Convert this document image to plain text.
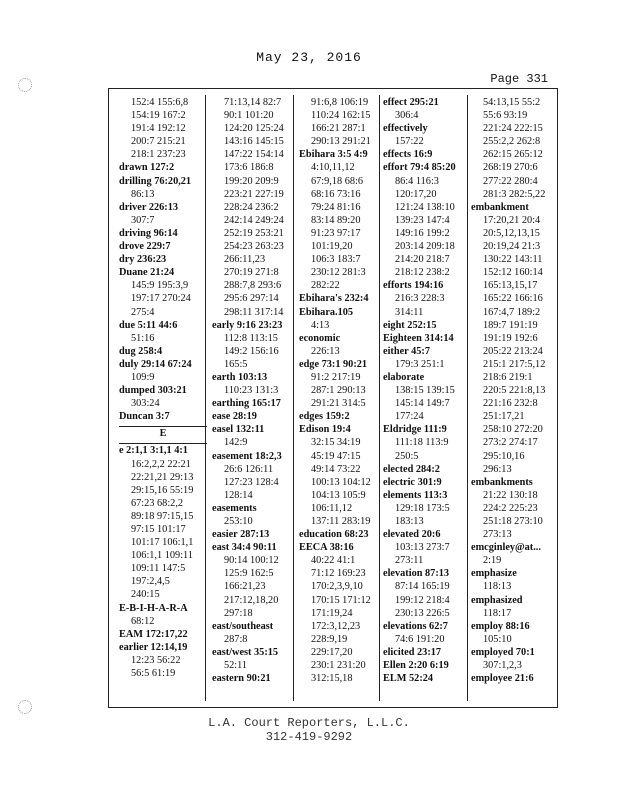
May 23, 2016
Page 331
152:4 155:6,8
154:19 167:2
191:4 192:12
200:7 215:21
218:1 237:23
drawn 127:2
drilling 76:20,21
86:13
driver 226:13
307:7
driving 96:14
drove 229:7
dry 236:23
Duane 21:24
145:9 195:3,9
197:17 270:24
275:4
due 5:11 44:6
51:16
dug 258:4
duly 29:14 67:24
109:9
dumped 303:21
303:24
Duncan 3:7
E
e 2:1,1 3:1,1 4:1
16:2,2,2 22:21
22:21,21 29:13
29:15,16 55:19
67:23 68:2,2
89:18 97:15,15
97:15 101:17
101:17 106:1,1
106:1,1 109:11
109:11 147:5
197:2,4,5
240:15
E-B-I-H-A-R-A
68:12
EAM 172:17,22
earlier 12:14,19
12:23 56:22
56:5 61:19
71:13,14 82:7
90:1 101:20
124:20 125:24
143:16 145:15
147:22 154:14
173:6 186:8
199:20 209:9
223:21 227:19
228:24 236:2
242:14 249:24
252:19 253:21
254:23 263:23
266:11,23
270:19 271:8
288:7,8 293:6
295:6 297:14
298:11 317:14
early 9:16 23:23
112:8 113:15
149:2 156:16
165:5
earth 103:13
110:23 131:3
earthing 165:17
ease 28:19
easel 132:11
142:9
easement 18:2,3
26:6 126:11
127:23 128:4
128:14
easements
253:10
easier 287:13
east 34:4 90:11
90:14 100:12
125:9 162:5
166:21,23
217:12,18,20
297:18
east/southeast
287:8
east/west 35:15
52:11
eastern 90:21
91:6,8 106:19
110:24 162:15
166:21 287:1
290:13 291:21
Ebihara 3:5 4:9
4:10,11,12
67:9,18 68:6
68:16 73:16
79:24 81:16
83:14 89:20
91:23 97:17
101:19,20
106:3 183:7
230:12 281:3
282:22
Ebihara's 232:4
Ebihara.105
4:13
economic
226:13
edge 73:1 90:21
91:2 217:19
287:1 290:13
291:21 314:5
edges 159:2
Edison 19:4
32:15 34:19
45:19 47:15
49:14 73:22
100:13 104:12
104:13 105:9
106:11,12
137:11 283:19
education 68:23
EECA 38:16
40:22 41:1
71:12 169:23
170:2,3,9,10
170:15 171:12
171:19,24
172:3,12,23
228:9,19
229:17,20
230:1 231:20
312:15,18
effect 295:21
306:4
effectively
157:22
effects 16:9
effort 79:4 85:20
86:4 116:3
120:17,20
121:24 138:10
139:23 147:4
149:16 199:2
203:14 209:18
214:20 218:7
218:12 238:2
efforts 194:16
216:3 228:3
314:11
eight 252:15
Eighteen 314:14
either 45:7
179:3 251:1
elaborate
138:15 139:15
145:14 149:7
177:24
Eldridge 111:9
111:18 113:9
250:5
elected 284:2
electric 301:9
elements 113:3
129:18 173:5
183:13
elevated 20:6
103:13 273:7
273:11
elevation 87:13
87:14 165:19
199:12 218:4
230:13 226:5
elevations 62:7
74:6 191:20
elicited 23:17
Ellen 2:20 6:19
ELM 52:24
54:13,15 55:2
55:6 93:19
221:24 222:15
255:2,2 262:8
262:15 265:12
268:19 270:6
277:22 280:4
281:3 282:5,22
embankment
17:20,21 20:4
20:5,12,13,15
20:19,24 21:3
130:22 143:11
152:12 160:14
165:13,15,17
165:22 166:16
167:4,7 189:2
189:7 191:19
191:19 192:6
205:22 213:24
215:1 217:5,12
218:6 219:1
220:5 221:8,13
221:16 232:8
251:17,21
258:10 272:20
273:2 274:17
295:10,16
296:13
embankments
21:22 130:18
224:2 225:23
251:18 273:10
273:13
emcginley@at...
2:19
emphasize
118:13
emphasized
118:17
employ 88:16
105:10
employed 70:1
307:1,2,3
employee 21:6
L.A. Court Reporters, L.L.C.
312-419-9292
